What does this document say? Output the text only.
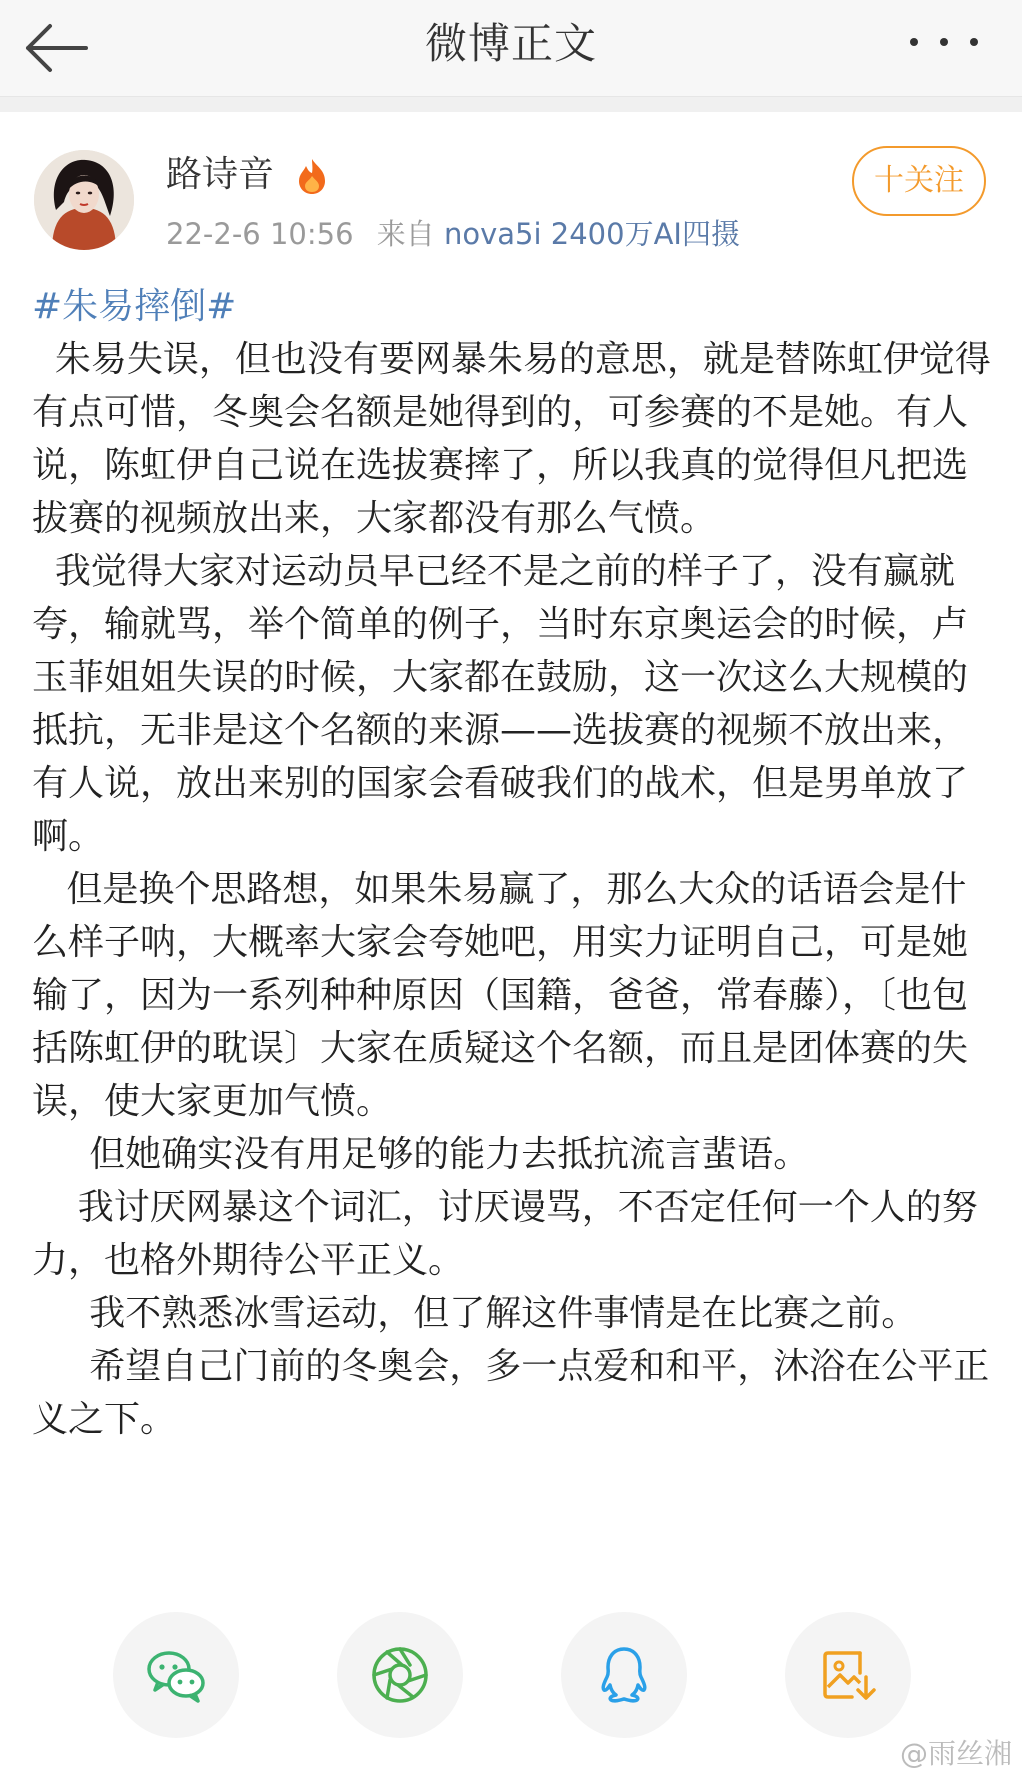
微博正文
路诗音
22-2-6 10:56 来自 nova5i 2400万AI四摄
十关注
#朱易摔倒#

朱易失误，但也没有要网暴朱易的意思，就是替陈虹伊觉得有点可惜，冬奥会名额是她得到的，可参赛的不是她。有人说，陈虹伊自己说在选拔赛摔了，所以我真的觉得但凡把选拔赛的视频放出来，大家都没有那么气愤。

我觉得大家对运动员早已经不是之前的样子了，没有赢就夸，输就骂，举个简单的例子，当时东京奥运会的时候，卢玉菲姐姐失误的时候，大家都在鼓励，这一次这么大规模的抵抗，无非是这个名额的来源——选拔赛的视频不放出来，有人说，放出来别的国家会看破我们的战术，但是男单放了啊。

但是换个思路想，如果朱易赢了，那么大众的话语会是什么样子呐，大概率大家会夸她吧，用实力证明自己，可是她输了，因为一系列种种原因（国籍，爸爸，常春藤），〔也包括陈虹伊的耽误〕大家在质疑这个名额，而且是团体赛的失误，使大家更加气愤。

但她确实没有用足够的能力去抵抗流言蜚语。

我讨厌网暴这个词汇，讨厌谩骂，不否定任何一个人的努力，也格外期待公平正义。

我不熟悉冰雪运动，但了解这件事情是在比赛之前。

希望自己门前的冬奥会，多一点爱和和平，沐浴在公平正义之下。

@雨丝湘
